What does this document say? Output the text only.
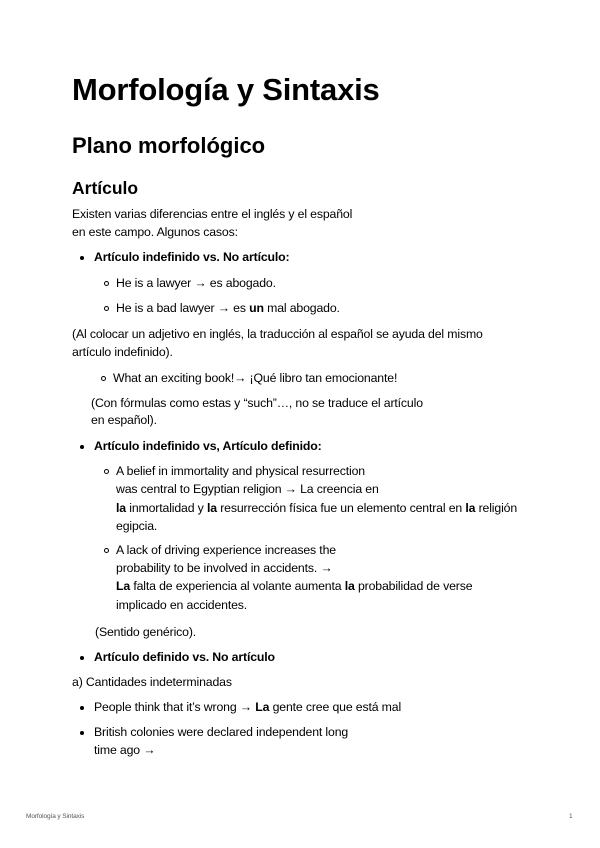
Morfología y Sintaxis
Plano morfológico
Artículo
Existen varias diferencias entre el inglés y el español
en este campo. Algunos casos:
Artículo indefinido vs. No artículo:
He is a lawyer → es abogado.
He is a bad lawyer → es un mal abogado.
(Al colocar un adjetivo en inglés, la traducción al español se ayuda del mismo
artículo indefinido).
What an exciting book!→ ¡Qué libro tan emocionante!
(Con fórmulas como estas y “such”…, no se traduce el artículo
en español).
Artículo indefinido vs, Artículo definido:
A belief in immortality and physical resurrection
was central to Egyptian religion → La creencia en
la inmortalidad y la resurrección física fue un elemento central en la religión
egipcia.
A lack of driving experience increases the
probability to be involved in accidents. →
La falta de experiencia al volante aumenta la probabilidad de verse
implicado en accidentes.
(Sentido genérico).
Artículo definido vs. No artículo
a) Cantidades indeterminadas
People think that it’s wrong → La gente cree que está mal
British colonies were declared independent long
time ago →
Morfología y Sintaxis	1
